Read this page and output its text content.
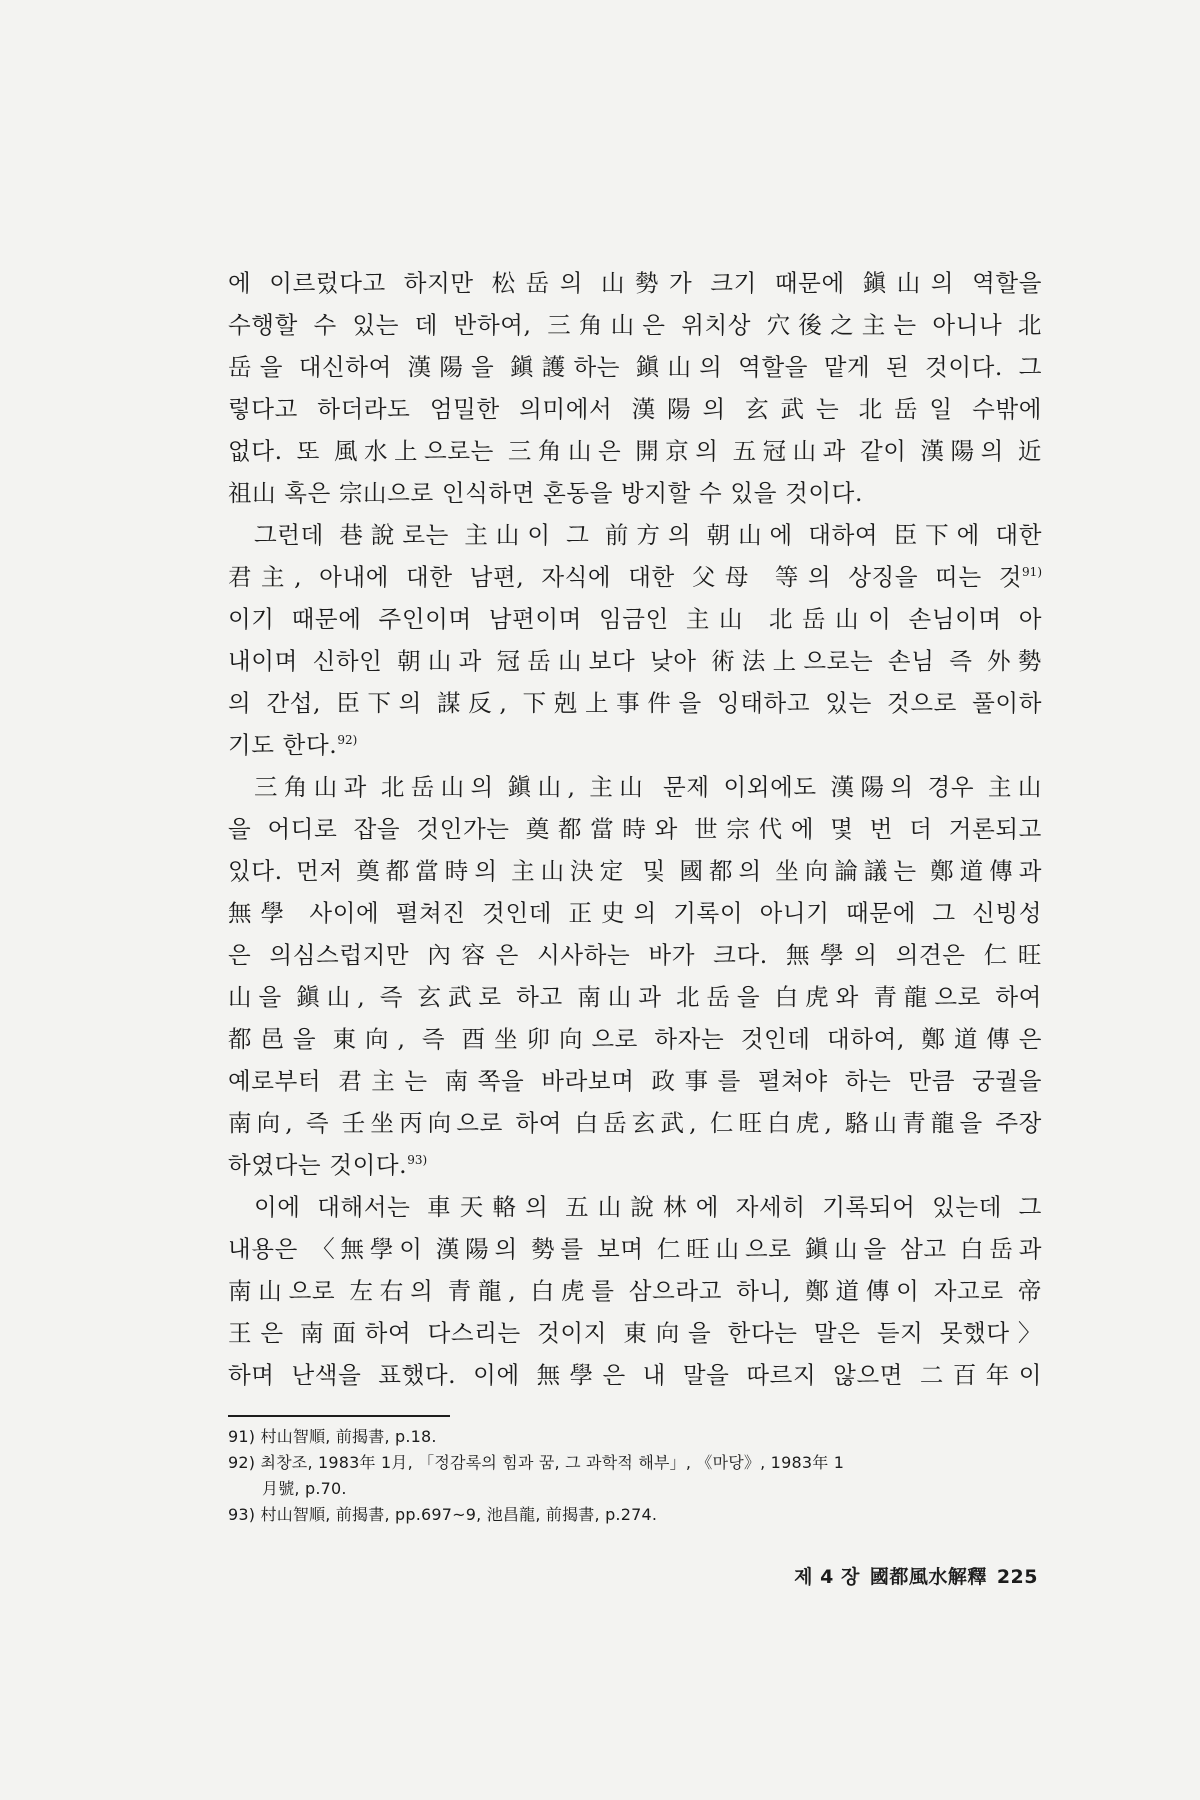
에 이르렀다고 하지만 松岳의 山勢가 크기 때문에 鎭山의 역할을
수행할 수 있는 데 반하여, 三角山은 위치상 穴後之主는 아니나 北
岳을 대신하여 漢陽을 鎭護하는 鎭山의 역할을 맡게 된 것이다. 그
렇다고 하더라도 엄밀한 의미에서 漢陽의 玄武는 北岳일 수밖에
없다. 또 風水上으로는 三角山은 開京의 五冠山과 같이 漢陽의 近
祖山 혹은 宗山으로 인식하면 혼동을 방지할 수 있을 것이다.
그런데 巷說로는 主山이 그 前方의 朝山에 대하여 臣下에 대한
君主, 아내에 대한 남편, 자식에 대한 父母 等의 상징을 띠는 것$^{91)}$
이기 때문에 주인이며 남편이며 임금인 主山 北岳山이 손님이며 아
내이며 신하인 朝山과 冠岳山보다 낮아 術法上으로는 손님 즉 外勢
의 간섭, 臣下의 謀反, 下剋上事件을 잉태하고 있는 것으로 풀이하
기도 한다.$^{92)}$
三角山과 北岳山의 鎭山, 主山 문제 이외에도 漢陽의 경우 主山
을 어디로 잡을 것인가는 奠都當時와 世宗代에 몇 번 더 거론되고
있다. 먼저 奠都當時의 主山決定 및 國都의 坐向論議는 鄭道傳과
無學 사이에 펼쳐진 것인데 正史의 기록이 아니기 때문에 그 신빙성
은 의심스럽지만 內容은 시사하는 바가 크다. 無學의 의견은 仁旺
山을 鎭山, 즉 玄武로 하고 南山과 北岳을 白虎와 青龍으로 하여
都邑을 東向, 즉 酉坐卯向으로 하자는 것인데 대하여, 鄭道傳은
예로부터 君主는 南쪽을 바라보며 政事를 펼쳐야 하는 만큼 궁궐을
南向, 즉 壬坐丙向으로 하여 白岳玄武, 仁旺白虎, 駱山青龍을 주장
하였다는 것이다.$^{93)}$
이에 대해서는 車天輅의 五山說林에 자세히 기록되어 있는데 그
내용은 〈無學이 漢陽의 勢를 보며 仁旺山으로 鎭山을 삼고 白岳과
南山으로 左右의 青龍, 白虎를 삼으라고 하니, 鄭道傳이 자고로 帝
王은 南面하여 다스리는 것이지 東向을 한다는 말은 듣지 못했다〉
하며 난색을 표했다. 이에 無學은 내 말을 따르지 않으면 二百年이
91) 村山智順, 前揭書, p.18.
92) 최창조, 1983年 1月, 「정감록의 힘과 꿈, 그 과학적 해부」, 《마당》, 1983年 1
月號, p.70.
93) 村山智順, 前揭書, pp.697~9, 池昌龍, 前揭書, p.274.
제 4 장 國都風水解釋 225
